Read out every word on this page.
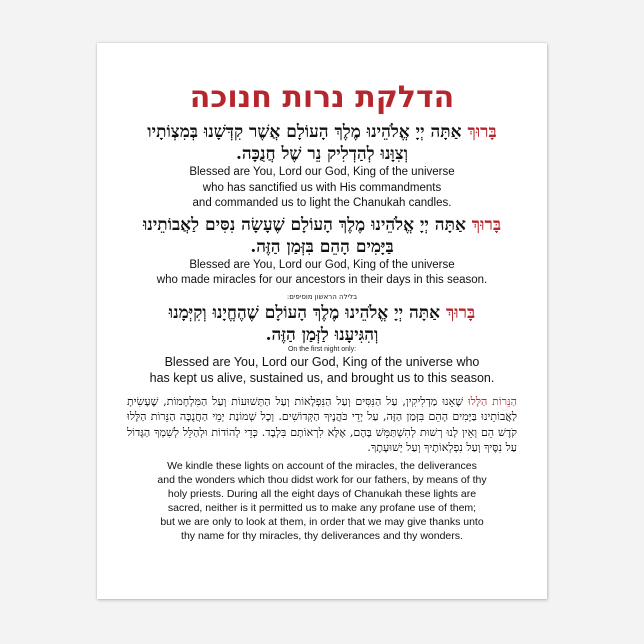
הדלקת נרות חנוכה
בָּרוּךְ אַתָּה יְיָ אֱלֹהֵינוּ מֶלֶךְ הָעוֹלָם אֲשֶׁר קִדְּשָׁנוּ בְּמִצְוֹתָיו
וְצִוָּנוּ לְהַדְלִיק נֵר שֶׁל חֲנֻכָּה.
Blessed are You, Lord our God, King of the universe
who has sanctified us with His commandments
and commanded us to light the Chanukah candles.
בָּרוּךְ אַתָּה יְיָ אֱלֹהֵינוּ מֶלֶךְ הָעוֹלָם שֶׁעָשָׂה נִסִּים לַאֲבוֹתֵינוּ
בַּיָּמִים הָהֵם בִּזְּמַן הַזֶּה.
Blessed are You, Lord our God, King of the universe
who made miracles for our ancestors in their days in this season.
בלילה הראשון מוסיפים:
בָּרוּךְ אַתָּה יְיָ אֱלֹהֵינוּ מֶלֶךְ הָעוֹלָם שֶׁהֶחֱיָנוּ וְקִיְּמָנוּ
וְהִגִּיעָנוּ לַזְּמַן הַזֶּה.
On the first night only:
Blessed are You, Lord our God, King of the universe who
has kept us alive, sustained us, and brought us to this season.
הַנֵּרוֹת הַלָּלוּ שֶׁאָנוּ מַדְלִיקִין, עַל הַנִּסִּים וְעַל הַנִּפְלָאוֹת וְעַל הַתְּשׁוּעוֹת וְעַל הַמִּלְחָמוֹת, שֶׁעָשִׂיתָ לַאֲבוֹתֵינוּ בַּיָּמִים הָהֵם בִּזְּמַן הַזֶּה, עַל יְדֵי כֹּהֲנֶיךָ הַקְּדוֹשִׁים. וְכָל שְׁמוֹנַת יְמֵי הַחֲנֻכָּה הַנֵּרוֹת הַלָּלוּ קֹדֶשׁ הֵם וְאֵין לָנוּ רְשׁוּת לְהִשְׁתַּמֵּשׁ בָּהֶם, אֶלָּא לִרְאוֹתָם בִּלְבָד. כְּדֵי לְהוֹדוֹת וּלְהַלֵּל לְשִׁמְךָ הַגָּדוֹל עַל נִסֶּיךָ וְעַל נִפְלְאוֹתֶיךָ וְעַל יְשׁוּעָתֶךָ.
We kindle these lights on account of the miracles, the deliverances
and the wonders which thou didst work for our fathers, by means of thy
holy priests. During all the eight days of Chanukah these lights are
sacred, neither is it permitted us to make any profane use of them;
but we are only to look at them, in order that we may give thanks unto
thy name for thy miracles, thy deliverances and thy wonders.
